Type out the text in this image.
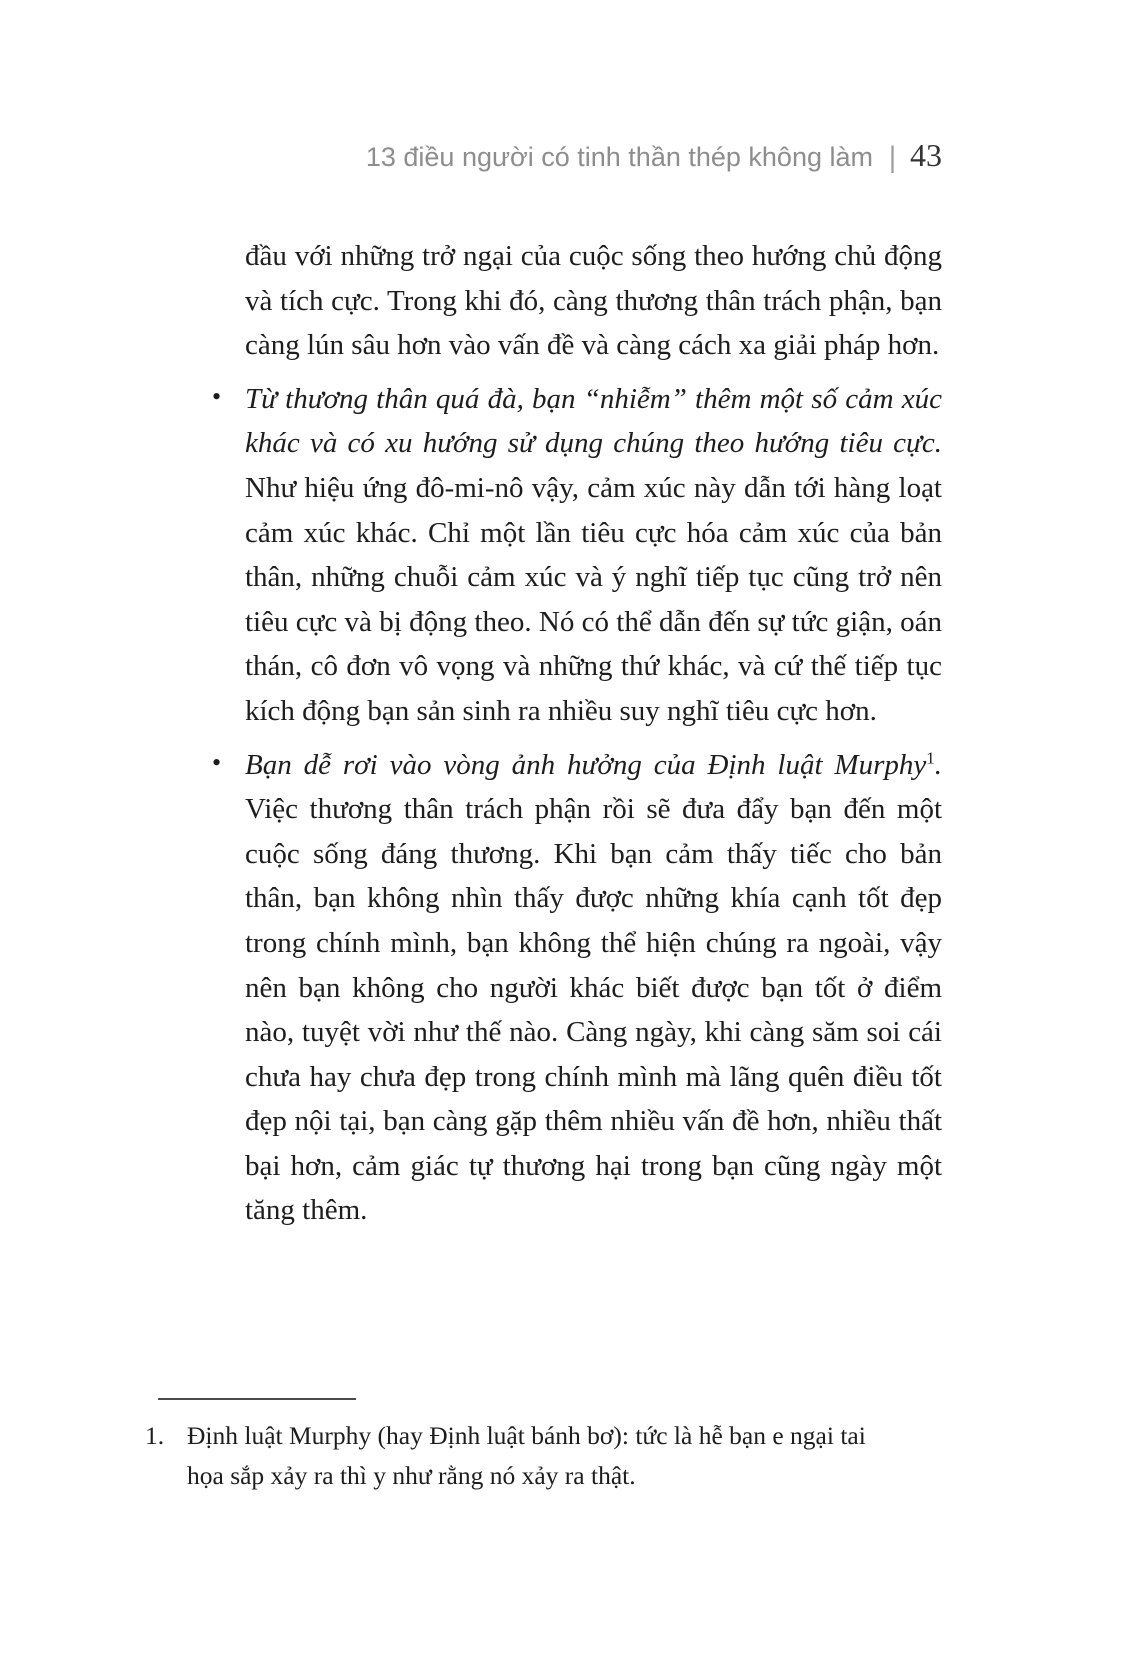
13 điều người có tinh thần thép không làm | 43

đầu với những trở ngại của cuộc sống theo hướng chủ động và tích cực. Trong khi đó, càng thương thân trách phận, bạn càng lún sâu hơn vào vấn đề và càng cách xa giải pháp hơn.

• Từ thương thân quá đà, bạn “nhiễm” thêm một số cảm xúc khác và có xu hướng sử dụng chúng theo hướng tiêu cực. Như hiệu ứng đô-mi-nô vậy, cảm xúc này dẫn tới hàng loạt cảm xúc khác. Chỉ một lần tiêu cực hóa cảm xúc của bản thân, những chuỗi cảm xúc và ý nghĩ tiếp tục cũng trở nên tiêu cực và bị động theo. Nó có thể dẫn đến sự tức giận, oán thán, cô đơn vô vọng và những thứ khác, và cứ thế tiếp tục kích động bạn sản sinh ra nhiều suy nghĩ tiêu cực hơn.

• Bạn dễ rơi vào vòng ảnh hưởng của Định luật Murphy$^1$. Việc thương thân trách phận rồi sẽ đưa đẩy bạn đến một cuộc sống đáng thương. Khi bạn cảm thấy tiếc cho bản thân, bạn không nhìn thấy được những khía cạnh tốt đẹp trong chính mình, bạn không thể hiện chúng ra ngoài, vậy nên bạn không cho người khác biết được bạn tốt ở điểm nào, tuyệt vời như thế nào. Càng ngày, khi càng săm soi cái chưa hay chưa đẹp trong chính mình mà lãng quên điều tốt đẹp nội tại, bạn càng gặp thêm nhiều vấn đề hơn, nhiều thất bại hơn, cảm giác tự thương hại trong bạn cũng ngày một tăng thêm.

1. Định luật Murphy (hay Định luật bánh bơ): tức là hễ bạn e ngại tai họa sắp xảy ra thì y như rằng nó xảy ra thật.
